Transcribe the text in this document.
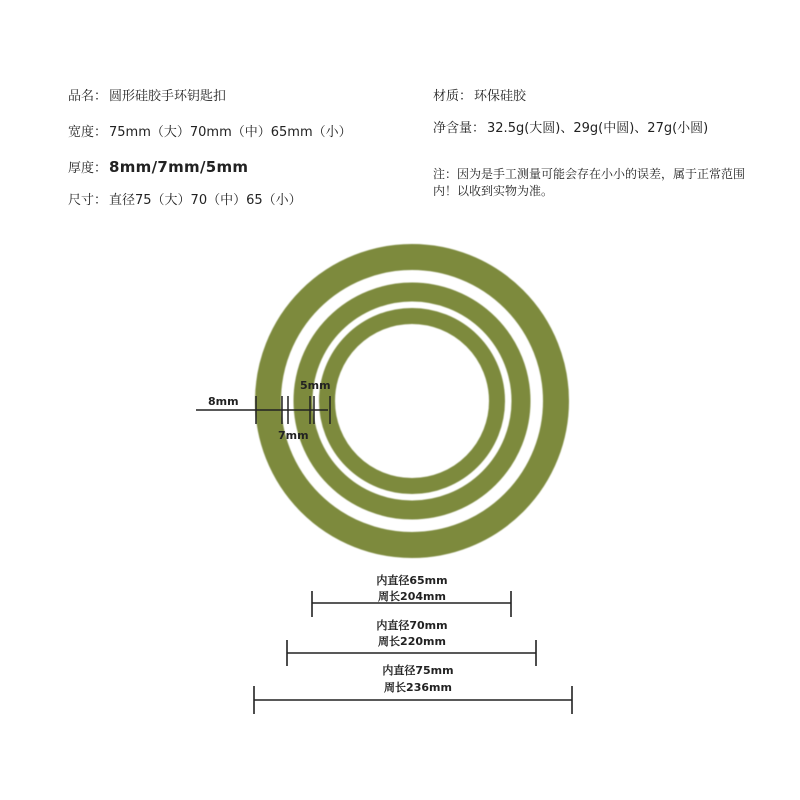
品名： 圆形硅胶手环钥匙扣
宽度： 75mm（大）70mm（中）65mm（小）
厚度： 8mm/7mm/5mm
尺寸： 直径75（大）70（中）65（小）
材质： 环保硅胶
净含量： 32.5g(大圆)、29g(中圆)、27g(小圆)
注：因为是手工测量可能会存在小小的误差，属于正常范围内！以收到实物为准。
8mm
7mm
5mm
内直径65mm
周长204mm
内直径70mm
周长220mm
内直径75mm
周长236mm
